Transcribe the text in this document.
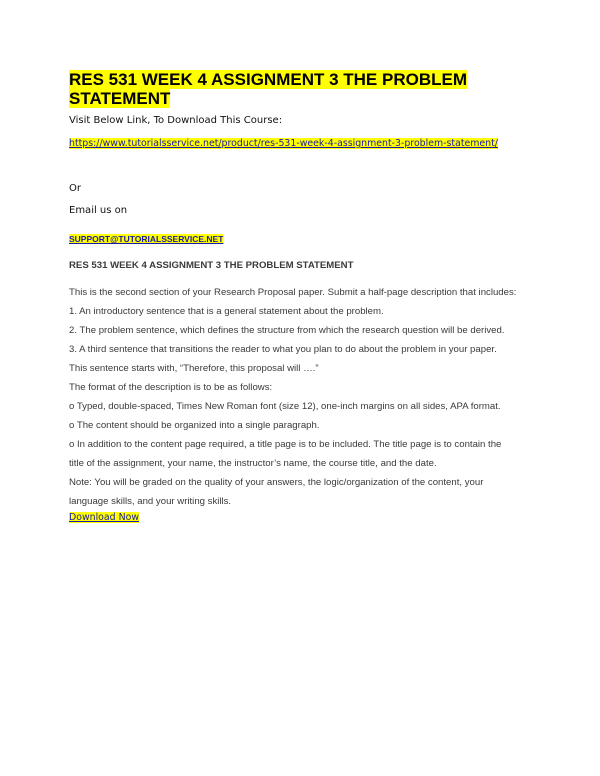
RES 531 WEEK 4 ASSIGNMENT 3 THE PROBLEM STATEMENT
Visit Below Link, To Download This Course:
https://www.tutorialsservice.net/product/res-531-week-4-assignment-3-problem-statement/
Or
Email us on
SUPPORT@TUTORIALSSERVICE.NET
RES 531 WEEK 4 ASSIGNMENT 3 THE PROBLEM STATEMENT
This is the second section of your Research Proposal paper. Submit a half-page description that includes:
1. An introductory sentence that is a general statement about the problem.
2. The problem sentence, which defines the structure from which the research question will be derived.
3. A third sentence that transitions the reader to what you plan to do about the problem in your paper.
This sentence starts with, “Therefore, this proposal will ….”
The format of the description is to be as follows:
o Typed, double-spaced, Times New Roman font (size 12), one-inch margins on all sides, APA format.
o The content should be organized into a single paragraph.
o In addition to the content page required, a title page is to be included. The title page is to contain the
title of the assignment, your name, the instructor’s name, the course title, and the date.
Note: You will be graded on the quality of your answers, the logic/organization of the content, your
language skills, and your writing skills.
Download Now
